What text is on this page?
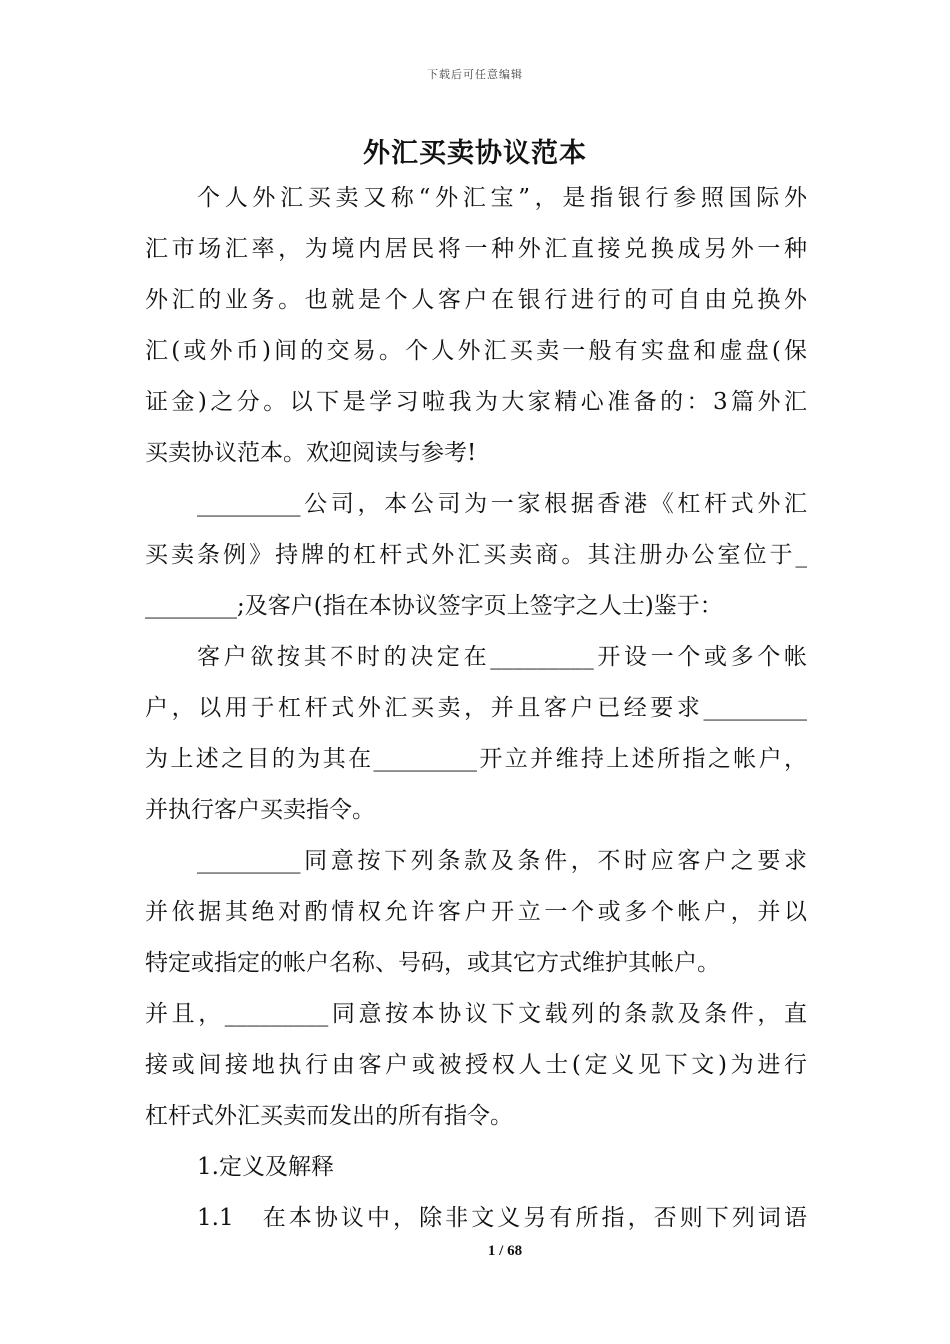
下载后可任意编辑
外汇买卖协议范本
个人外汇买卖又称“外汇宝”，是指银行参照国际外
汇市场汇率，为境内居民将一种外汇直接兑换成另外一种
外汇的业务。也就是个人客户在银行进行的可自由兑换外
汇(或外币)间的交易。个人外汇买卖一般有实盘和虚盘(保
证金)之分。以下是学习啦我为大家精心准备的：3篇外汇
买卖协议范本。欢迎阅读与参考!
_________公司，本公司为一家根据香港《杠杆式外汇
买卖条例》持牌的杠杆式外汇买卖商。其注册办公室位于_
________;及客户(指在本协议签字页上签字之人士)鉴于：
客户欲按其不时的决定在_________开设一个或多个帐
户，以用于杠杆式外汇买卖，并且客户已经要求_________
为上述之目的为其在_________开立并维持上述所指之帐户，
并执行客户买卖指令。
_________同意按下列条款及条件，不时应客户之要求
并依据其绝对酌情权允许客户开立一个或多个帐户，并以
特定或指定的帐户名称、号码，或其它方式维护其帐户。
并且，_________同意按本协议下文载列的条款及条件，直
接或间接地执行由客户或被授权人士(定义见下文)为进行
杠杆式外汇买卖而发出的所有指令。
1.定义及解释
1.1　在本协议中，除非文义另有所指，否则下列词语
1 / 68
